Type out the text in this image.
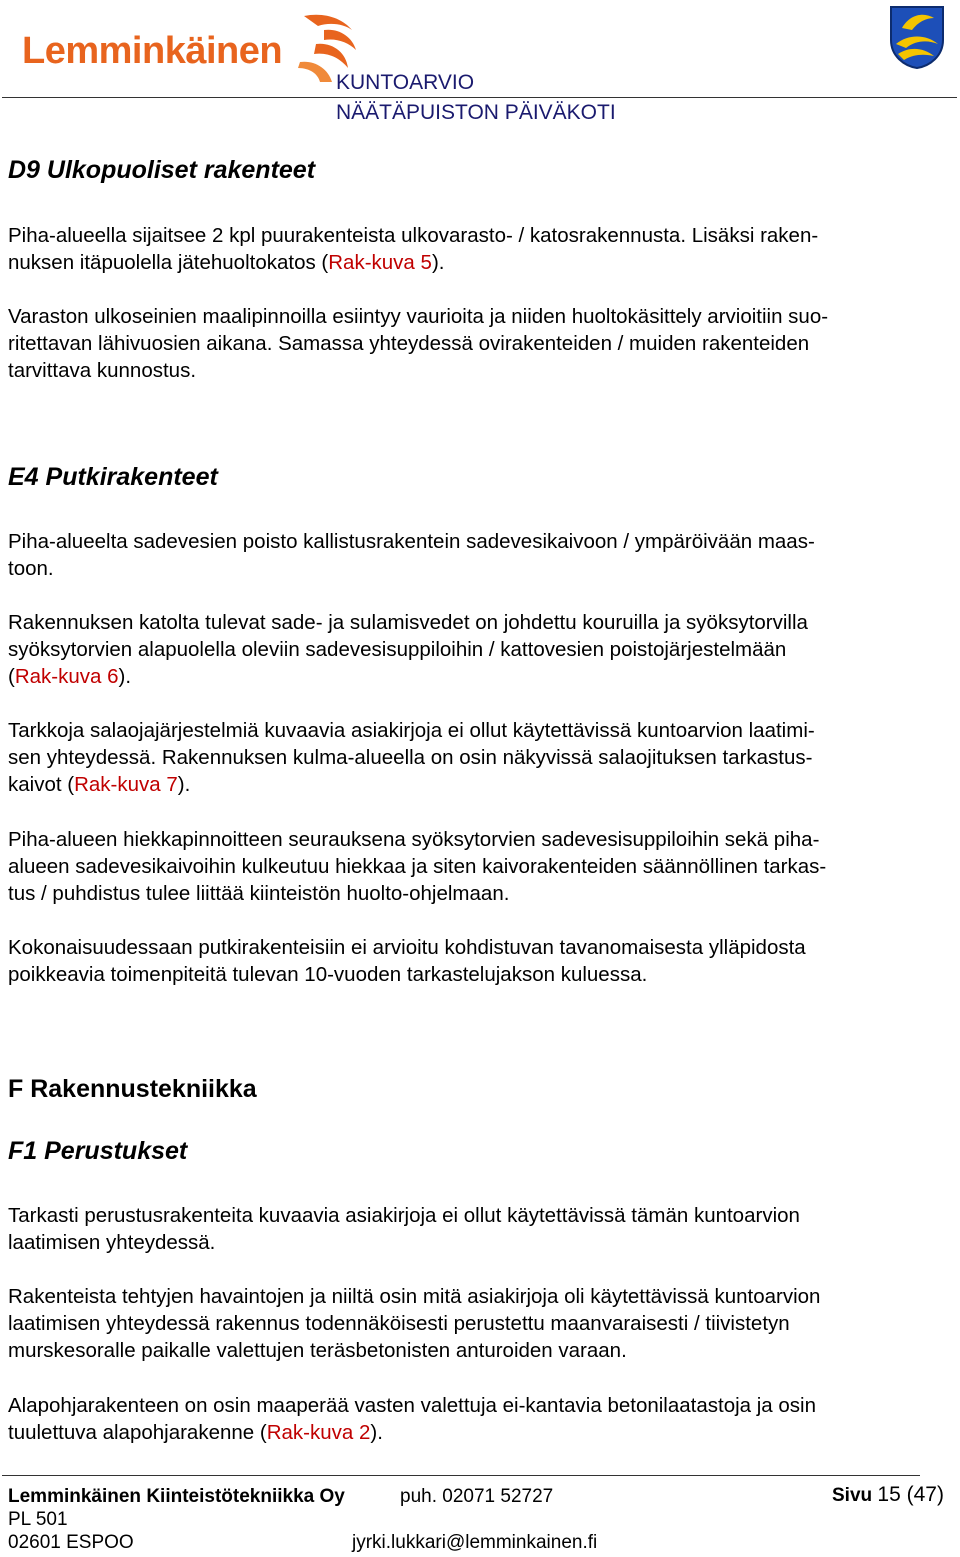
Lemminkäinen
KUNTOARVIO
NÄÄTÄPUISTON PÄIVÄKOTI
D9 Ulkopuoliset rakenteet
Piha-alueella sijaitsee 2 kpl puurakenteista ulkovarasto- / katosrakennusta. Lisäksi raken-
nuksen itäpuolella jätehuoltokatos (Rak-kuva 5).
Varaston ulkoseinien maalipinnoilla esiintyy vaurioita ja niiden huoltokäsittely arvioitiin suo-
ritettavan lähivuosien aikana. Samassa yhteydessä ovirakenteiden / muiden rakenteiden
tarvittava kunnostus.
E4 Putkirakenteet
Piha-alueelta sadevesien poisto kallistusrakentein sadevesikaivoon / ympäröivään maas-
toon.
Rakennuksen katolta tulevat sade- ja sulamisvedet on johdettu kouruilla ja syöksytorvilla
syöksytorvien alapuolella oleviin sadevesisuppiloihin / kattovesien poistojärjestelmään
(Rak-kuva 6).
Tarkkoja salaojajärjestelmiä kuvaavia asiakirjoja ei ollut käytettävissä kuntoarvion laatimi-
sen yhteydessä. Rakennuksen kulma-alueella on osin näkyvissä salaojituksen tarkastus-
kaivot (Rak-kuva 7).
Piha-alueen hiekkapinnoitteen seurauksena syöksytorvien sadevesisuppiloihin sekä piha-
alueen sadevesikaivoihin kulkeutuu hiekkaa ja siten kaivorakenteiden säännöllinen tarkas-
tus / puhdistus tulee liittää kiinteistön huolto-ohjelmaan.
Kokonaisuudessaan putkirakenteisiin ei arvioitu kohdistuvan tavanomaisesta ylläpidosta
poikkeavia toimenpiteitä tulevan 10-vuoden tarkastelujakson kuluessa.
F Rakennustekniikka
F1 Perustukset
Tarkasti perustusrakenteita kuvaavia asiakirjoja ei ollut käytettävissä tämän kuntoarvion
laatimisen yhteydessä.
Rakenteista tehtyjen havaintojen ja niiltä osin mitä asiakirjoja oli käytettävissä kuntoarvion
laatimisen yhteydessä rakennus todennäköisesti perustettu maanvaraisesti / tiivistetyn
murskesoralle paikalle valettujen teräsbetonisten anturoiden varaan.
Alapohjarakenteen on osin maaperää vasten valettuja ei-kantavia betonilaatastoja ja osin
tuulettuva alapohjarakenne (Rak-kuva 2).
Lemminkäinen Kiinteistötekniikka Oy	puh. 02071 52727	Sivu 15 (47)
PL 501
02601 ESPOO	jyrki.lukkari@lemminkainen.fi
